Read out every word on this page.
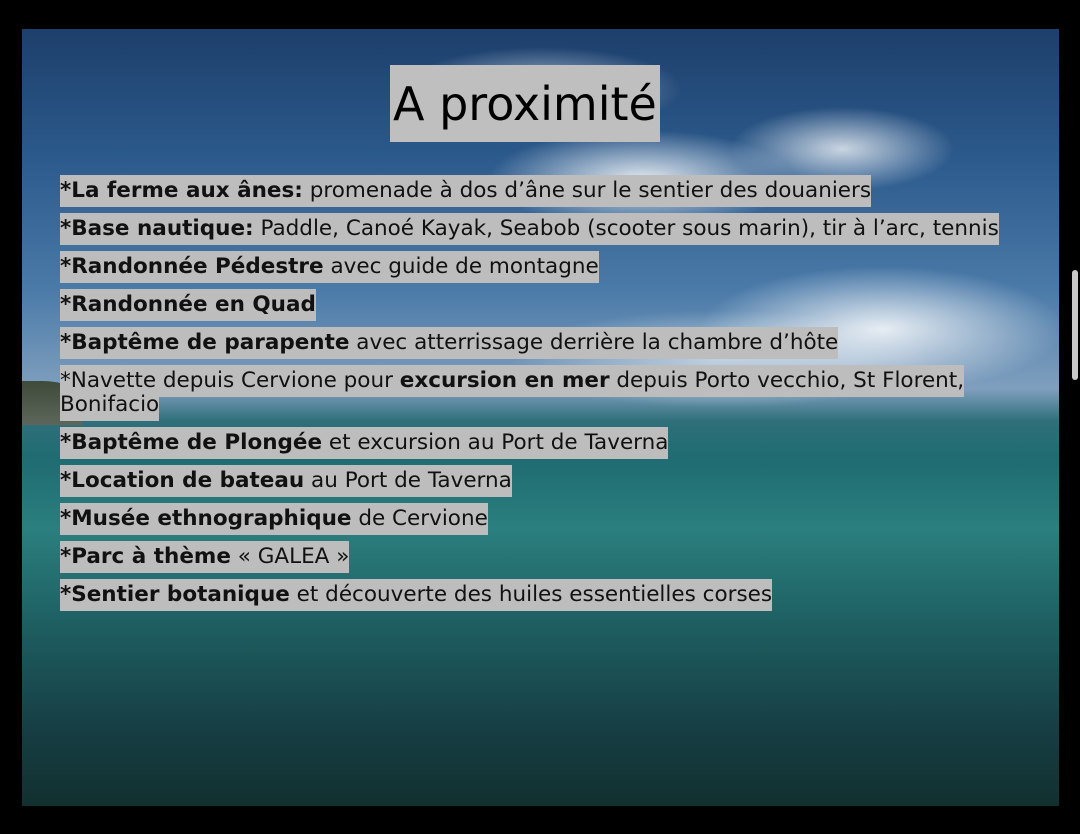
A proximité
*La ferme aux ânes: promenade à dos d’âne sur le sentier des douaniers
*Base nautique: Paddle, Canoé Kayak, Seabob (scooter sous marin), tir à l’arc, tennis
*Randonnée Pédestre avec guide de montagne
*Randonnée en Quad
*Baptême de parapente avec atterrissage derrière la chambre d’hôte
*Navette depuis Cervione pour excursion en mer depuis Porto vecchio, St Florent, Bonifacio
*Baptême de Plongée et excursion au Port de Taverna
*Location de bateau au Port de Taverna
*Musée ethnographique de Cervione
*Parc à thème « GALEA »
*Sentier botanique et découverte des huiles essentielles corses
